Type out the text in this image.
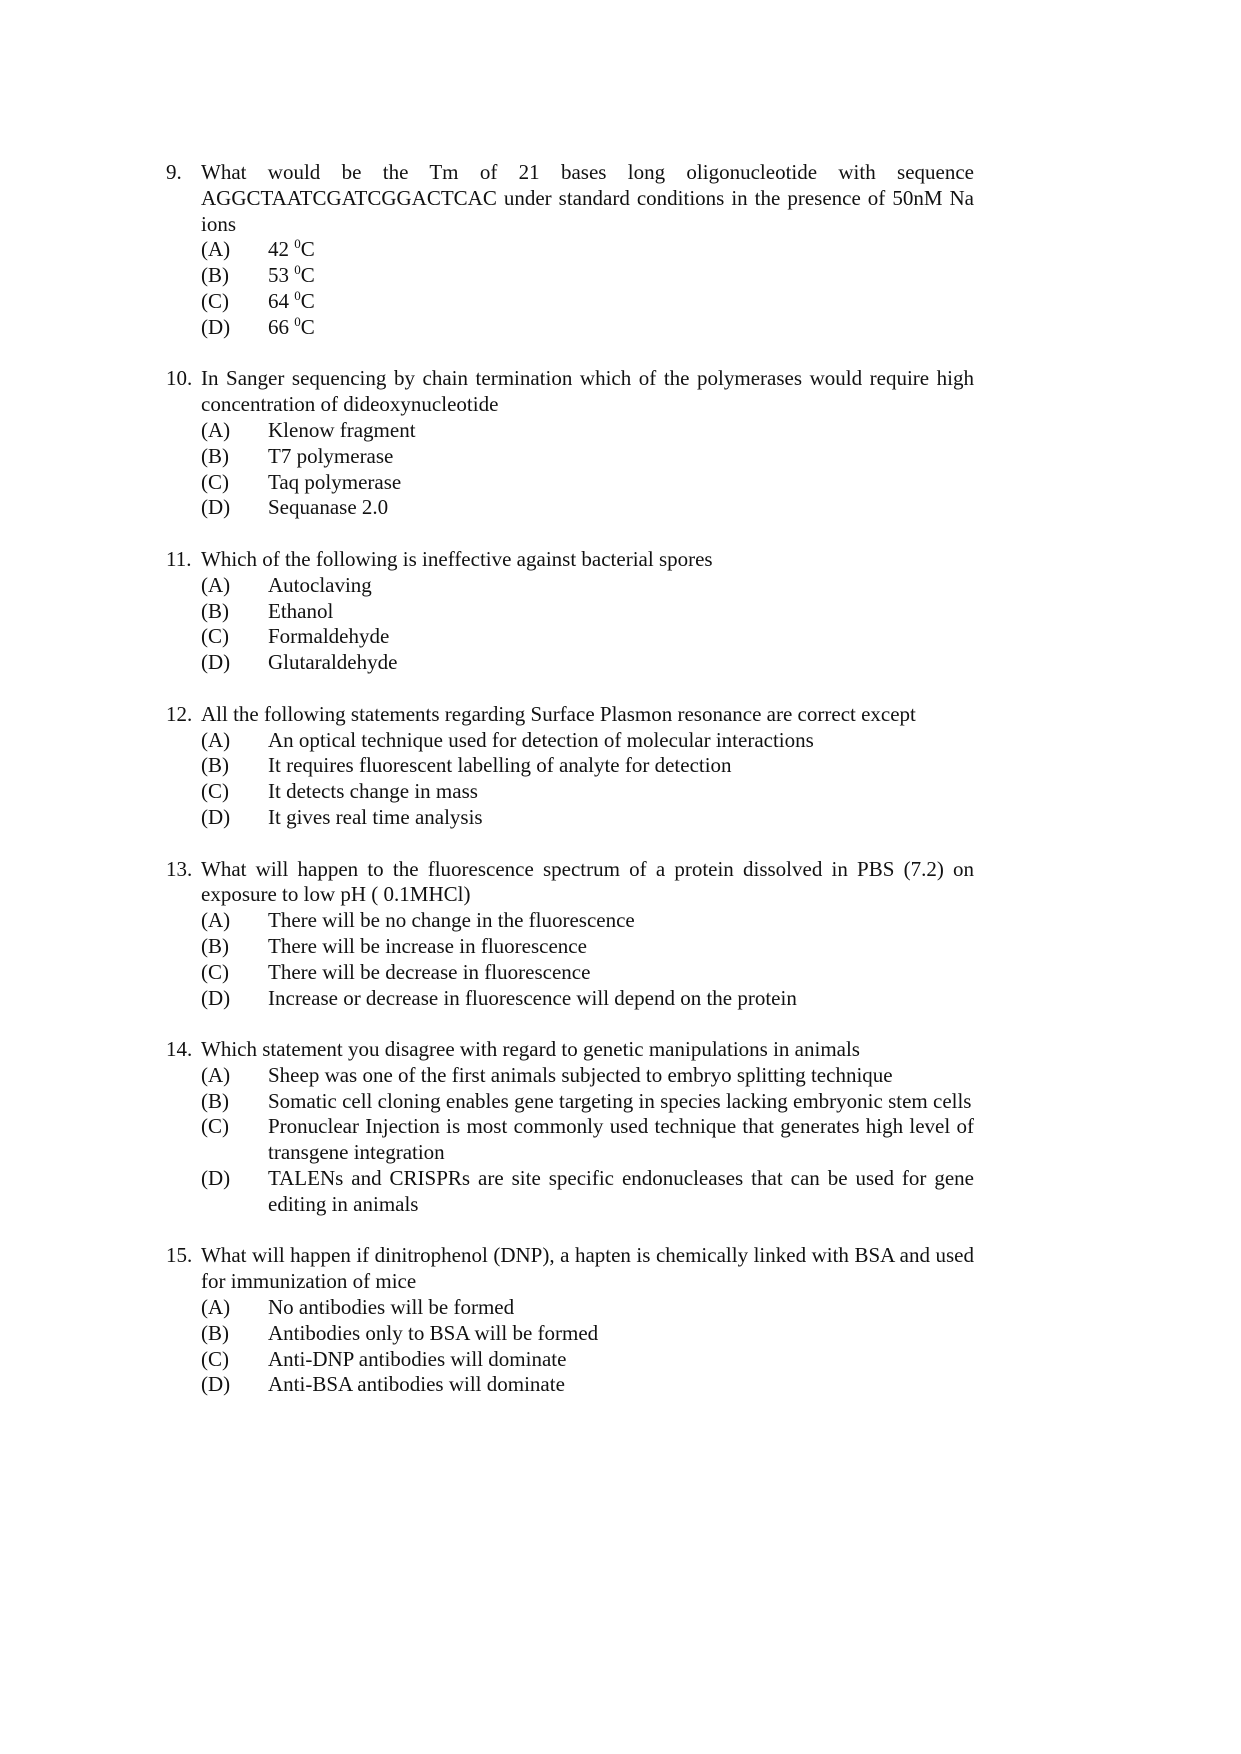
9. What would be the Tm of 21 bases long oligonucleotide with sequence AGGCTAATCGATCGGACTCAC under standard conditions in the presence of 50nM Na ions
(A)	42 $^0$C
(B)	53 $^0$C
(C)	64 $^0$C
(D)	66 $^0$C
10. In Sanger sequencing by chain termination which of the polymerases would require high concentration of dideoxynucleotide
(A)	Klenow fragment
(B)	T7 polymerase
(C)	Taq polymerase
(D)	Sequanase 2.0
11. Which of the following is ineffective against bacterial spores
(A)	Autoclaving
(B)	Ethanol
(C)	Formaldehyde
(D)	Glutaraldehyde
12. All the following statements regarding Surface Plasmon resonance are correct except
(A)	An optical technique used for detection of molecular interactions
(B)	It requires fluorescent labelling of analyte for detection
(C)	It detects change in mass
(D)	It gives real time analysis
13. What will happen to the fluorescence spectrum of a protein dissolved in PBS (7.2) on exposure to low pH ( 0.1MHCl)
(A)	There will be no change in the fluorescence
(B)	There will be increase in fluorescence
(C)	There will be decrease in fluorescence
(D)	Increase or decrease in fluorescence will depend on the protein
14. Which statement you disagree with regard to genetic manipulations in animals
(A)	Sheep was one of the first animals subjected to embryo splitting technique
(B)	Somatic cell cloning enables gene targeting in species lacking embryonic stem cells
(C)	Pronuclear Injection is most commonly used technique that generates high level of transgene integration
(D)	TALENs and CRISPRs are site specific endonucleases that can be used for gene editing in animals
15. What will happen if dinitrophenol (DNP), a hapten is chemically linked with BSA and used for immunization of mice
(A)	No antibodies will be formed
(B)	Antibodies only to BSA will be formed
(C)	Anti-DNP antibodies will dominate
(D)	Anti-BSA antibodies will dominate
